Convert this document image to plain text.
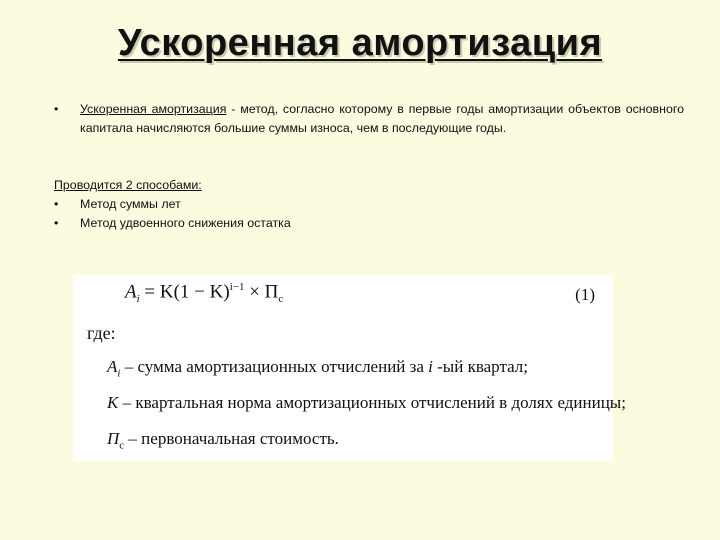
Ускоренная амортизация
• Ускоренная амортизация - метод, согласно которому в первые годы амортизации объектов основного капитала начисляются большие суммы износа, чем в последующие годы.
Проводится 2 способами:
• Метод суммы лет
• Метод удвоенного снижения остатка
$A_i = K(1 - K)^{i-1} \times П_с$	(1)
где:
$A_i$ – сумма амортизационных отчислений за i -ый квартал;
K – квартальная норма амортизационных отчислений в долях единицы;
$П_с$ – первоначальная стоимость.
